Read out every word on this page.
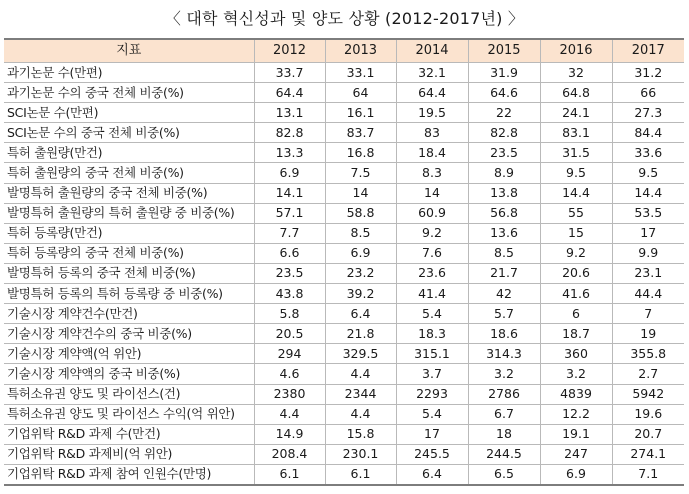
〈 대학 혁신성과 및 양도 상황 (2012-2017년) 〉
지표	2012	2013	2014	2015	2016	2017
과기논문 수(만편)	33.7	33.1	32.1	31.9	32	31.2
과기논문 수의 중국 전체 비중(%)	64.4	64	64.4	64.6	64.8	66
SCI논문 수(만편)	13.1	16.1	19.5	22	24.1	27.3
SCI논문 수의 중국 전체 비중(%)	82.8	83.7	83	82.8	83.1	84.4
특허 출원량(만건)	13.3	16.8	18.4	23.5	31.5	33.6
특허 출원량의 중국 전체 비중(%)	6.9	7.5	8.3	8.9	9.5	9.5
발명특허 출원량의 중국 전체 비중(%)	14.1	14	14	13.8	14.4	14.4
발명특허 출원량의 특허 출원량 중 비중(%)	57.1	58.8	60.9	56.8	55	53.5
특허 등록량(만건)	7.7	8.5	9.2	13.6	15	17
특허 등록량의 중국 전체 비중(%)	6.6	6.9	7.6	8.5	9.2	9.9
발명특허 등록의 중국 전체 비중(%)	23.5	23.2	23.6	21.7	20.6	23.1
발명특허 등록의 특허 등록량 중 비중(%)	43.8	39.2	41.4	42	41.6	44.4
기술시장 계약건수(만건)	5.8	6.4	5.4	5.7	6	7
기술시장 계약건수의 중국 비중(%)	20.5	21.8	18.3	18.6	18.7	19
기술시장 계약액(억 위안)	294	329.5	315.1	314.3	360	355.8
기술시장 계약액의 중국 비중(%)	4.6	4.4	3.7	3.2	3.2	2.7
특허소유권 양도 및 라이선스(건)	2380	2344	2293	2786	4839	5942
특허소유권 양도 및 라이선스 수익(억 위안)	4.4	4.4	5.4	6.7	12.2	19.6
기업위탁 R&D 과제 수(만건)	14.9	15.8	17	18	19.1	20.7
기업위탁 R&D 과제비(억 위안)	208.4	230.1	245.5	244.5	247	274.1
기업위탁 R&D 과제 참여 인원수(만명)	6.1	6.1	6.4	6.5	6.9	7.1
